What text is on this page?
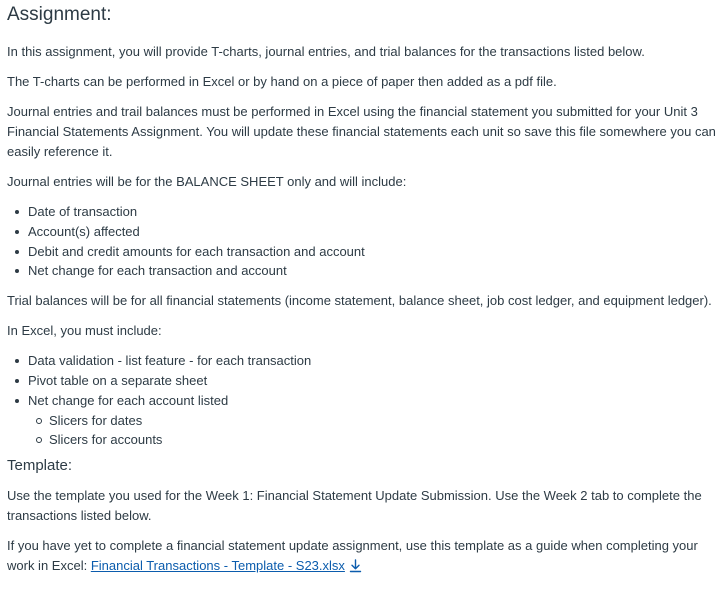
Assignment:

In this assignment, you will provide T-charts, journal entries, and trial balances for the transactions listed below.

The T-charts can be performed in Excel or by hand on a piece of paper then added as a pdf file.

Journal entries and trail balances must be performed in Excel using the financial statement you submitted for your Unit 3 Financial Statements Assignment. You will update these financial statements each unit so save this file somewhere you can easily reference it.

Journal entries will be for the BALANCE SHEET only and will include:

Date of transaction
Account(s) affected
Debit and credit amounts for each transaction and account
Net change for each transaction and account

Trial balances will be for all financial statements (income statement, balance sheet, job cost ledger, and equipment ledger).

In Excel, you must include:

Data validation - list feature - for each transaction
Pivot table on a separate sheet
Net change for each account listed
Slicers for dates
Slicers for accounts
Template:

Use the template you used for the Week 1: Financial Statement Update Submission. Use the Week 2 tab to complete the transactions listed below.

If you have yet to complete a financial statement update assignment, use this template as a guide when completing your work in Excel: Financial Transactions - Template - S23.xlsx
